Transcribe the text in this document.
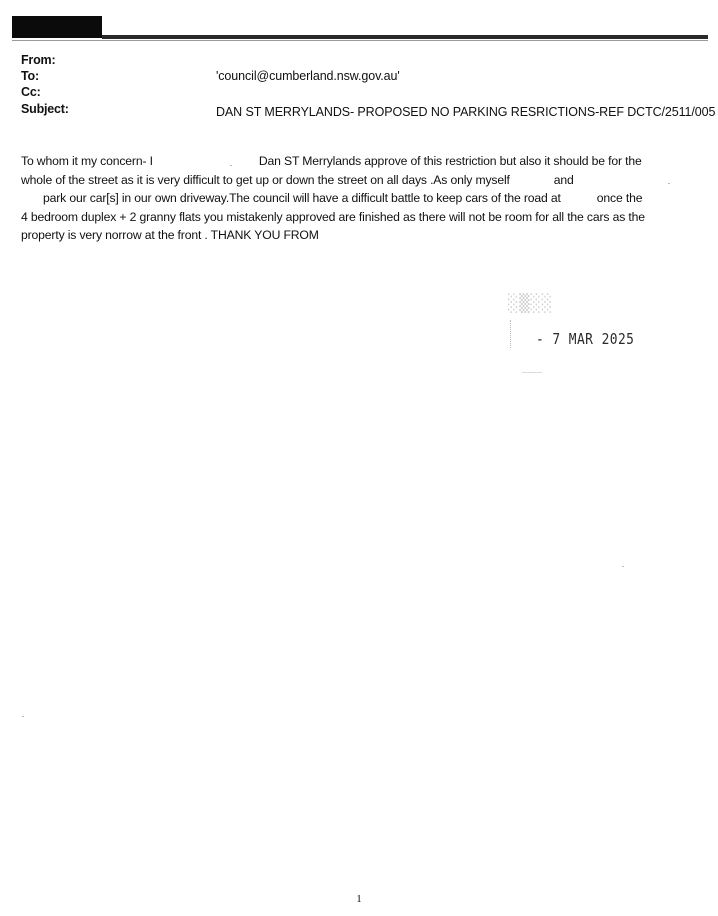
From:
To:	'council@cumberland.nsw.gov.au'
Cc:
Subject:	DAN ST MERRYLANDS- PROPOSED NO PARKING RESRICTIONS-REF DCTC/2511/005
To whom it my concern- I	Dan ST Merrylands approve of this restriction but also it should be for the
whole of the street as it is very difficult to get up or down the street on all days .As only myself	and
park our car[s] in our own driveway.The council will have a difficult battle to keep cars of the road at	once the
4 bedroom duplex + 2 granny flats you mistakenly approved are finished as there will not be room for all the cars as the
property is very norrow at the front . THANK YOU FROM
░▒░░
- 7 MAR 2025
1
